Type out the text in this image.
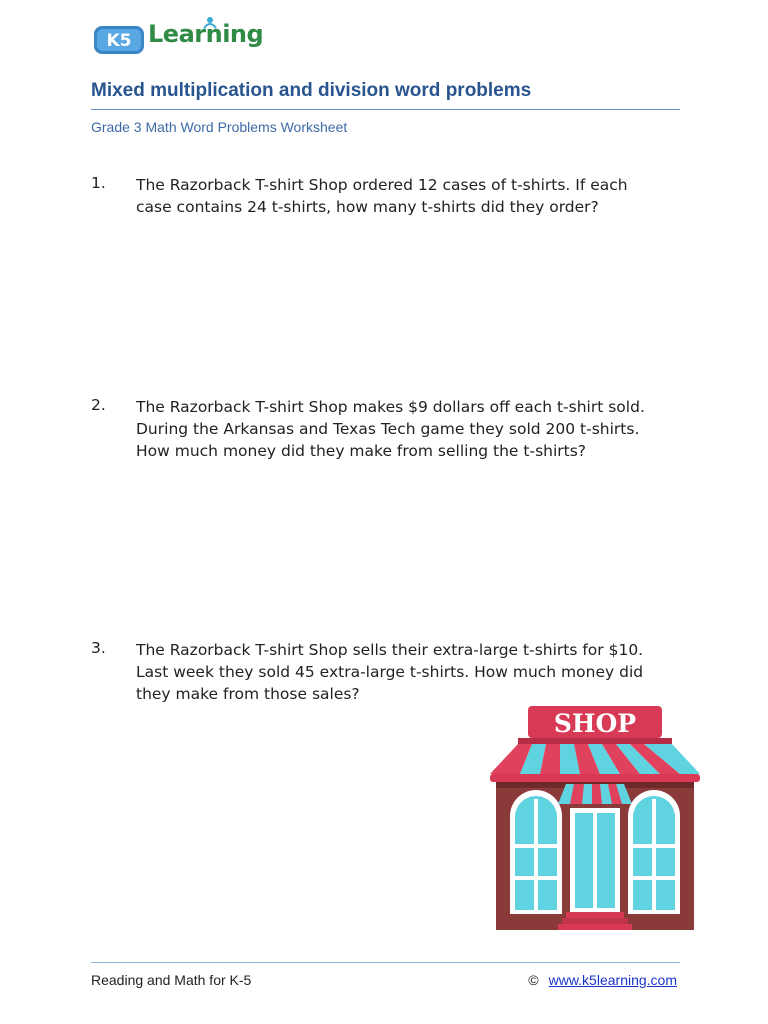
K5 Learning
Mixed multiplication and division word problems
Grade 3 Math Word Problems Worksheet
1. The Razorback T-shirt Shop ordered 12 cases of t-shirts. If each
case contains 24 t-shirts, how many t-shirts did they order?
2. The Razorback T-shirt Shop makes $9 dollars off each t-shirt sold.
During the Arkansas and Texas Tech game they sold 200 t-shirts.
How much money did they make from selling the t-shirts?
3. The Razorback T-shirt Shop sells their extra-large t-shirts for $10.
Last week they sold 45 extra-large t-shirts. How much money did
they make from those sales?
SHOP
Reading and Math for K-5	© www.k5learning.com
